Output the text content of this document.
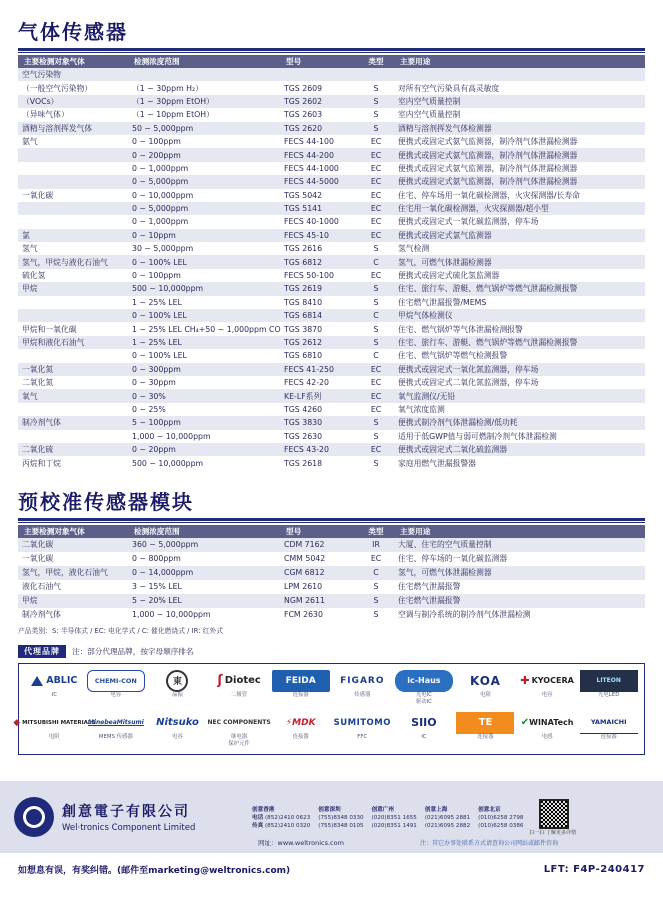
气体传感器
主要检测对象气体	检测浓度范围	型号	类型	主要用途
空气污染物				
（一般空气污染物）	（1 ~ 30ppm H₂）	TGS 2609	S	对所有空气污染具有高灵敏度
（VOCs）	（1 ~ 30ppm EtOH）	TGS 2602	S	室内空气质量控制
（异味气体）	（1 ~ 10ppm EtOH）	TGS 2603	S	室内空气质量控制
酒精与溶剂挥发气体	50 ~ 5,000ppm	TGS 2620	S	酒精与溶剂挥发气体检测器
氨气	0 ~ 100ppm	FECS 44-100	EC	便携式或固定式氨气监测器，制冷剂气体泄漏检测器
	0 ~ 200ppm	FECS 44-200	EC	便携式或固定式氨气监测器，制冷剂气体泄漏检测器
	0 ~ 1,000ppm	FECS 44-1000	EC	便携式或固定式氨气监测器，制冷剂气体泄漏检测器
	0 ~ 5,000ppm	FECS 44-5000	EC	便携式或固定式氨气监测器，制冷剂气体泄漏检测器
一氧化碳	0 ~ 10,000ppm	TGS 5042	EC	住宅、停车场用一氧化碳检测器，火灾探测器/长寿命
	0 ~ 5,000ppm	TGS 5141	EC	住宅用一氧化碳检测器，火灾探测器/超小型
	0 ~ 1,000ppm	FECS 40-1000	EC	便携式或固定式一氧化碳监测器，停车场
氯	0 ~ 10ppm	FECS 45-10	EC	便携式或固定式氯气监测器
氢气	30 ~ 5,000ppm	TGS 2616	S	氢气检测
氢气，甲烷与液化石油气	0 ~ 100% LEL	TGS 6812	C	氢气，可燃气体泄漏检测器
硫化氢	0 ~ 100ppm	FECS 50-100	EC	便携式或固定式硫化氢监测器
甲烷	500 ~ 10,000ppm	TGS 2619	S	住宅、旅行车、游艇、燃气锅炉等燃气泄漏检测报警
	1 ~ 25% LEL	TGS 8410	S	住宅燃气泄漏报警/MEMS
	0 ~ 100% LEL	TGS 6814	C	甲烷气体检测仪
甲烷和一氧化碳	1 ~ 25% LEL CH₄+50 ~ 1,000ppm CO	TGS 3870	S	住宅、燃气锅炉等气体泄漏检测报警
甲烷和液化石油气	1 ~ 25% LEL	TGS 2612	S	住宅、旅行车、游艇、燃气锅炉等燃气泄漏检测报警
	0 ~ 100% LEL	TGS 6810	C	住宅、燃气锅炉等燃气检测报警
一氧化氮	0 ~ 300ppm	FECS 41-250	EC	便携式或固定式一氧化氮监测器，停车场
二氧化氮	0 ~ 30ppm	FECS 42-20	EC	便携式或固定式二氧化氮监测器，停车场
氧气	0 ~ 30%	KE-LF系列	EC	氧气监测仪/无铅
	0 ~ 25%	TGS 4260	EC	氧气浓度监测
制冷剂气体	5 ~ 100ppm	TGS 3830	S	便携式制冷剂气体泄漏检测/低功耗
	1,000 ~ 10,000ppm	TGS 2630	S	适用于低GWP值与弱可燃制冷剂气体泄漏检测
二氧化硫	0 ~ 20ppm	FECS 43-20	EC	便携式或固定式二氧化硫监测器
丙烷和丁烷	500 ~ 10,000ppm	TGS 2618	S	家庭用燃气泄漏报警器
预校准传感器模块
主要检测对象气体	检测浓度范围	型号	类型	主要用途
二氧化碳	360 ~ 5,000ppm	CDM 7162	IR	大厦、住宅的空气质量控制
一氧化碳	0 ~ 800ppm	CMM 5042	EC	住宅、停车场的一氧化碳监测器
氢气，甲烷，液化石油气	0 ~ 14,000ppm	CGM 6812	C	氢气，可燃气体泄漏检测器
液化石油气	3 ~ 15% LEL	LPM 2610	S	住宅燃气泄漏报警
甲烷	5 ~ 20% LEL	NGM 2611	S	住宅燃气泄漏报警
制冷剂气体	1,000 ~ 10,000ppm	FCM 2630	S	空调与制冷系统的制冷剂气体泄漏检测
产品类别：S: 半导体式 / EC: 电化学式 / C: 催化燃烧式 / IR: 红外式
代理品牌	注：部分代理品牌，按字母顺序排名
ABLIC
IC
CHEMI-CON
电容
東
晶振
ʃ Diotec
二极管
FEIDA
连接器
FIGARO
传感器
ic-Haus
光电IC
驱动IC
KOA
电阻
✚ KYOCERA
电容
LITEON
光电LED
◆ MITSUBISHI MATERIALS
电阻
MinebeaMitsumi
MEMS 传感器
Nitsuko
电容
NEC COMPONENTS
继电器
保护元件
⚡ MDK
连接器
SUMITOMO
FFC
SIIO
IC
TE
连接器
✔ WINATech
电感
YAMAICHI
连接器
創意電子有限公司
Wel·tronics Component Limited
创意香港
电话 (852)2410 0623
传真 (852)2410 0320
创意深圳
(755)8348 0330
(755)8348 0105
创意广州
(020)8351 1655
(020)8351 1491
创意上海
(021)6095 2881
(021)6095 2882
创意北京
(010)6258 2798
(010)6258 0386
扫一扫 了解更多详情
网址：www.weltronics.com	注：其它办事处联系方式请查询公司网站或邮件咨询
如想息有误，有奖纠错。(邮件至marketing@weltronics.com)	LFT: F4P-240417
